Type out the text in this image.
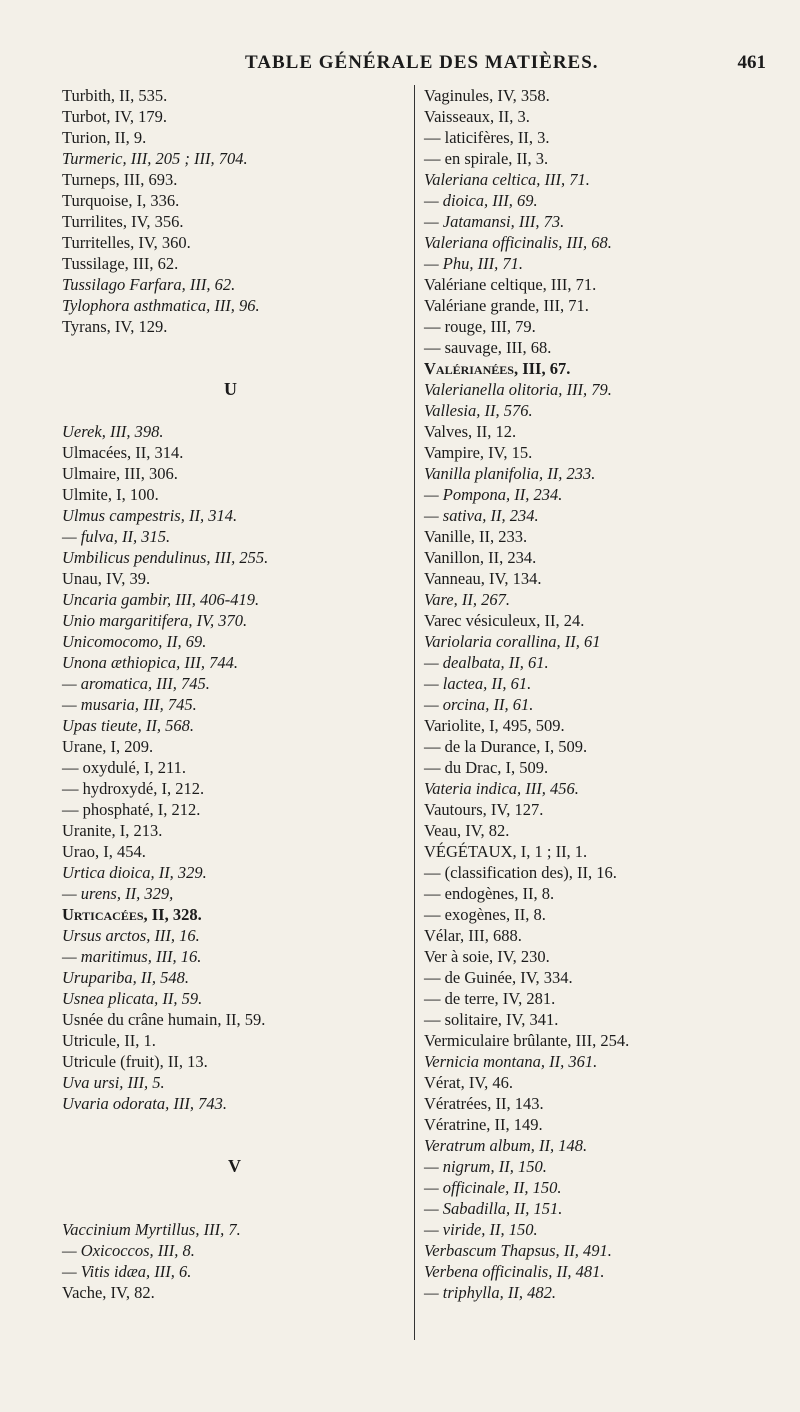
TABLE GÉNÉRALE DES MATIÈRES.	461
Turbith, II, 535.
Turbot, IV, 179.
Turion, II, 9.
Turmeric, III, 205 ; III, 704.
Turneps, III, 693.
Turquoise, I, 336.
Turrilites, IV, 356.
Turritelles, IV, 360.
Tussilage, III, 62.
Tussilago Farfara, III, 62.
Tylophora asthmatica, III, 96.
Tyrans, IV, 129.
U
Uerek, III, 398.
Ulmacées, II, 314.
Ulmaire, III, 306.
Ulmite, I, 100.
Ulmus campestris, II, 314.
— fulva, II, 315.
Umbilicus pendulinus, III, 255.
Unau, IV, 39.
Uncaria gambir, III, 406-419.
Unio margaritifera, IV, 370.
Unicomocomo, II, 69.
Unona æthiopica, III, 744.
— aromatica, III, 745.
— musaria, III, 745.
Upas tieute, II, 568.
Urane, I, 209.
— oxydulé, I, 211.
— hydroxydé, I, 212.
— phosphaté, I, 212.
Uranite, I, 213.
Urao, I, 454.
Urtica dioica, II, 329.
— urens, II, 329,
Urticacées, II, 328.
Ursus arctos, III, 16.
— maritimus, III, 16.
Urupariba, II, 548.
Usnea plicata, II, 59.
Usnée du crâne humain, II, 59.
Utricule, II, 1.
Utricule (fruit), II, 13.
Uva ursi, III, 5.
Uvaria odorata, III, 743.
V
Vaccinium Myrtillus, III, 7.
— Oxicoccos, III, 8.
— Vitis idæa, III, 6.
Vache, IV, 82.
Vaginules, IV, 358.
Vaisseaux, II, 3.
— laticifères, II, 3.
— en spirale, II, 3.
Valeriana celtica, III, 71.
— dioica, III, 69.
— Jatamansi, III, 73.
Valeriana officinalis, III, 68.
— Phu, III, 71.
Valériane celtique, III, 71.
Valériane grande, III, 71.
— rouge, III, 79.
— sauvage, III, 68.
Valérianées, III, 67.
Valerianella olitoria, III, 79.
Vallesia, II, 576.
Valves, II, 12.
Vampire, IV, 15.
Vanilla planifolia, II, 233.
— Pompona, II, 234.
— sativa, II, 234.
Vanille, II, 233.
Vanillon, II, 234.
Vanneau, IV, 134.
Vare, II, 267.
Varec vésiculeux, II, 24.
Variolaria corallina, II, 61
— dealbata, II, 61.
— lactea, II, 61.
— orcina, II, 61.
Variolite, I, 495, 509.
— de la Durance, I, 509.
— du Drac, I, 509.
Vateria indica, III, 456.
Vautours, IV, 127.
Veau, IV, 82.
VÉGÉTAUX, I, 1 ; II, 1.
— (classification des), II, 16.
— endogènes, II, 8.
— exogènes, II, 8.
Vélar, III, 688.
Ver à soie, IV, 230.
— de Guinée, IV, 334.
— de terre, IV, 281.
— solitaire, IV, 341.
Vermiculaire brûlante, III, 254.
Vernicia montana, II, 361.
Vérat, IV, 46.
Vératrées, II, 143.
Vératrine, II, 149.
Veratrum album, II, 148.
— nigrum, II, 150.
— officinale, II, 150.
— Sabadilla, II, 151.
— viride, II, 150.
Verbascum Thapsus, II, 491.
Verbena officinalis, II, 481.
— triphylla, II, 482.
